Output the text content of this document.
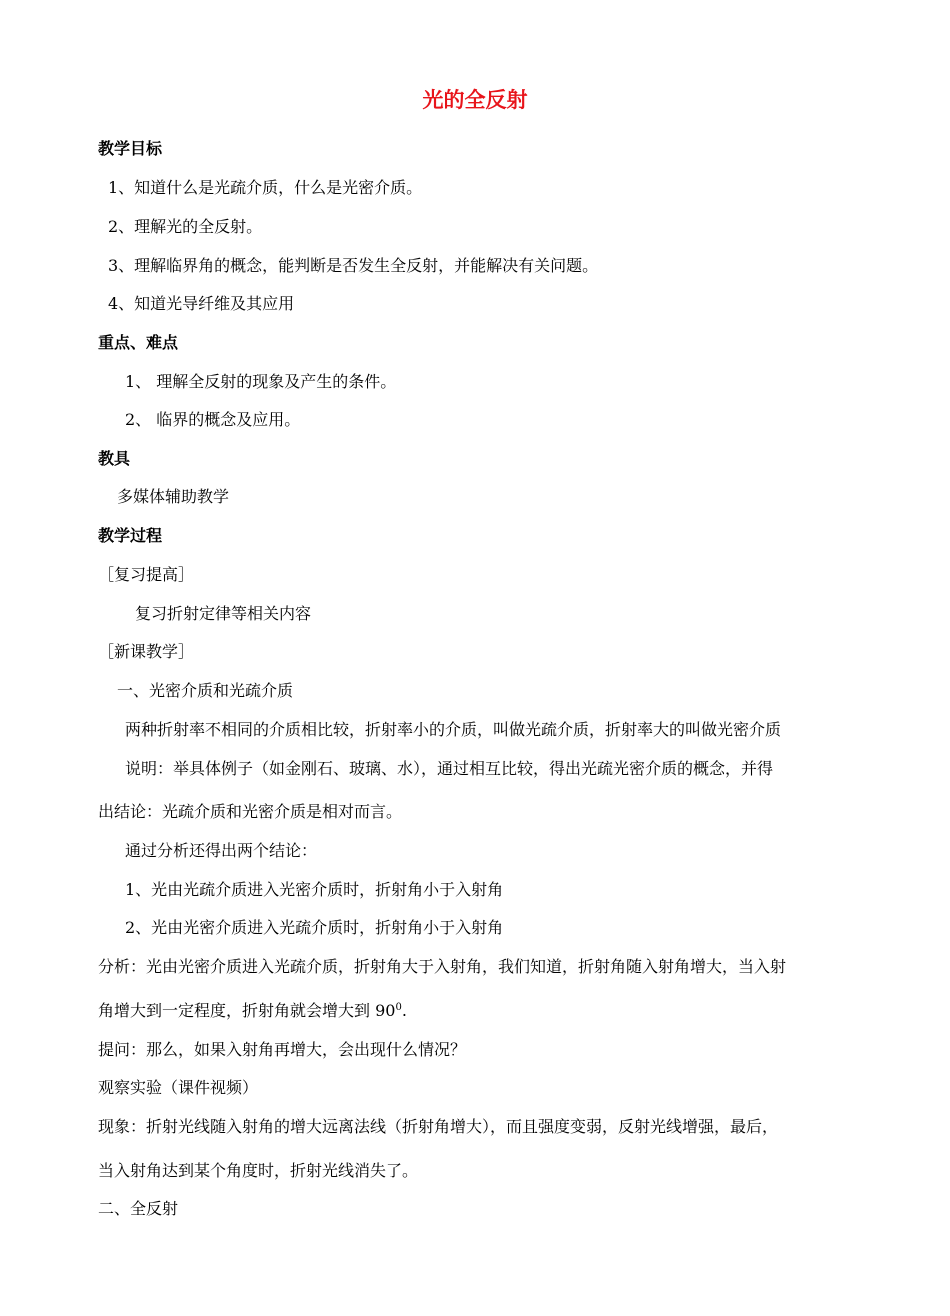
光的全反射
教学目标
1、知道什么是光疏介质，什么是光密介质。
2、理解光的全反射。
3、理解临界角的概念，能判断是否发生全反射，并能解决有关问题。
4、知道光导纤维及其应用
重点、难点
1、 理解全反射的现象及产生的条件。
2、 临界的概念及应用。
教具
多媒体辅助教学
教学过程
［复习提高］
复习折射定律等相关内容
［新课教学］
一、光密介质和光疏介质
两种折射率不相同的介质相比较，折射率小的介质，叫做光疏介质，折射率大的叫做光密介质
说明：举具体例子（如金刚石、玻璃、水），通过相互比较，得出光疏光密介质的概念，并得
出结论：光疏介质和光密介质是相对而言。
通过分析还得出两个结论：
1、光由光疏介质进入光密介质时，折射角小于入射角
2、光由光密介质进入光疏介质时，折射角小于入射角
分析：光由光密介质进入光疏介质，折射角大于入射角，我们知道，折射角随入射角增大，当入射
角增大到一定程度，折射角就会增大到 $90^0$.
提问：那么，如果入射角再增大，会出现什么情况？
观察实验（课件视频）
现象：折射光线随入射角的增大远离法线（折射角增大），而且强度变弱，反射光线增强，最后，
当入射角达到某个角度时，折射光线消失了。
二、全反射
